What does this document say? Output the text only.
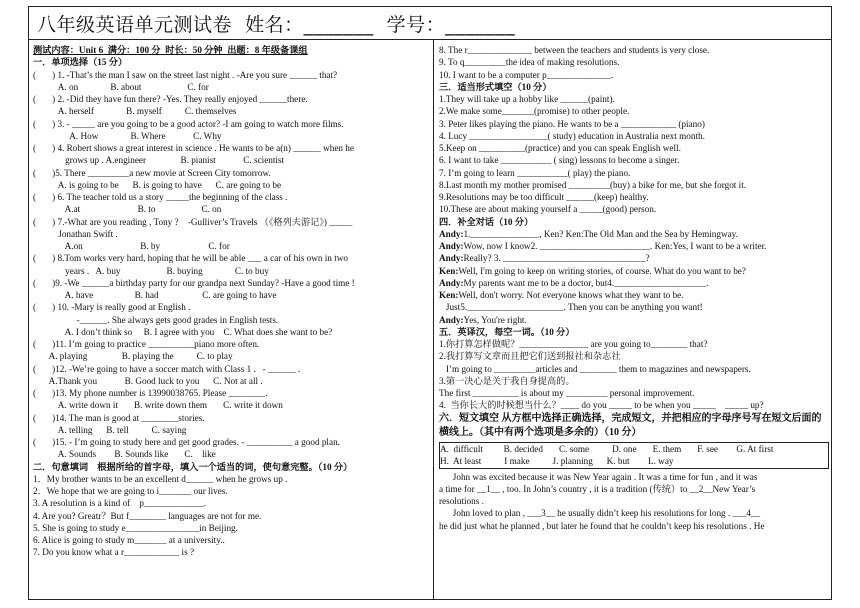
八年级英语单元测试卷  姓名：_______  学号：_______
测试内容：Unit 6  满分：100 分  时长：50 分钟  出题：8 年级备课组
一．单项选择（15 分）
(       ) 1. -That’s the man I saw on the street last night . -Are you sure ______ that?
A. on              B. about                    C. for
(       ) 2. -Did they have fun there? -Yes. They really enjoyed ______there.
A. herself              B. myself          C. themselves
(       ) 3. - _____ are you going to be a good actor? -I am going to watch more films.
A. How              B. Where            C. Why
(       ) 4. Robert shows a great interest in science . He wants to be a(n) ______ when he
grows up . A.engineer               B. pianist            C. scientist
(       )5. There _________a new movie at Screen City tomorrow.
A. is going to be      B. is going to have      C. are going to be
(       ) 6. The teacher told us a story _____the beginning of the class .
A.at                         B. to                    C. on
(       ) 7.-What are you reading , Tony ?    -Gulliver’s Travels （《格列夫游记》) _____
Jonathan Swift .
A.on                         B. by                     C. for
(       ) 8.Tom works very hard, hoping that he will be able ___ a car of his own in two
years .   A. buy                    B. buying              C. to buy
(       )9. -We ______a birthday party for our grandpa next Sunday? -Have a good time !
A. have                  B. had                   C. are going to have
(       ) 10. -Mary is really good at English .
-______. She always gets good grades in English tests.
A. I don’t think so     B. I agree with you    C. What does she want to be?
(       )11. I’m going to practice __________piano more often.
A. playing               B. playing the          C. to play
(       )12. -We’re going to have a soccer match with Class 1 .   - ______ .
A.Thank you            B. Good luck to you      C. Not at all .
(       )13. My phone number is 13990038765. Please ________.
A. write down it       B. write down them       C. write it down
(       )14. The man is good at ________stories.
A. telling      B. tell          C. saying
(       )15. - I’m going to study here and get good grades. - __________ a good plan.
A. Sounds        B. Sounds like       C.    like
二．句意填词    根据所给的首字母，填入一个适当的词，使句意完整。（10 分）
1．My brother wants to be an excellent d______ when he grows up .
2．We hope that we are going to i_______ our lives.
3. A resolution is a kind of    p_____________.
4. Are you? Greatr？But f________ languages are not for me.
5. She is going to study e________________in Beijing.
6. Alice is going to study m_______ at a university..
7. Do you know what a r____________ is ?
8. The r______________ between the teachers and students is very close.
9. To q_________the idea of making resolutions.
10. I want to be a computer p______________.
三．适当形式填空（10 分）
1.They will take up a hobby like ______(paint).
2.We make some_______(promise) to other people.
3. Peter likes playing the piano. He wants to be a ____________ (piano)
4. Lucy _________________( study) education in Australia next month.
5.Keep on __________(practice) and you can speak English well.
6. I want to take ___________ ( sing) lessons to become a singer.
7. I’m going to learn ___________( play) the piano.
8.Last month my mother promised _________(buy) a bike for me, but she forgot it.
9.Resolutions may be too difficult ______(keep) healthy.
10.These are about making yourself a _____(good) person.
四．补全对话（10 分）
Andy:1._______________, Ken? Ken:The Old Man and the Sea by Hemingway.
Andy:Wow, now I know2. ________________________. Ken:Yes, I want to be a writer.
Andy:Really? 3. _______________________________?
Ken:Well, I'm going to keep on writing stories, of course. What do you want to be?
Andy:My parents want me to be a doctor, but4.____________________.
Ken:Well, don't worry. Not everyone knows what they want to be.
Just5._____________________. Then you can be anything you want!
Andy:Yes, You're right.
五．英译汉，每空一词。（10 分）
1.你打算怎样做呢？_______________ are you going to________ that?
2.我打算写文章而且把它们送到报社和杂志社
I’m going to _________articles and ________ them to magazines and newspapers.
3.第一决心是关于我自身提高的。
The first __________ is about my _________ personal improvement.
4.  当你长大的时候想当什么？____ do you _____ to be when you _____    _____ up?
六．短文填空 从方框中选择正确选择，完成短文，并把相应的字母序号写在短文后面的横线上。（其中有两个选项是多余的）（10 分）
A.  difficult         B. decided       C. some          D. one       E. them       F. see        G. At first
H.  At least          I make          J. planning      K. but        L. way
John was excited because it was New Year again . It was a time for fun , and it was
a time for __1__ , too. In John’s country , it is a tradition (传统）to __2__New Year’s
resolutions .
John loved to plan , ___3__ he usually didn’t keep his resolutions for long . ___4__
he did just what he planned , but later he found that he couldn’t keep his resolutions . He
